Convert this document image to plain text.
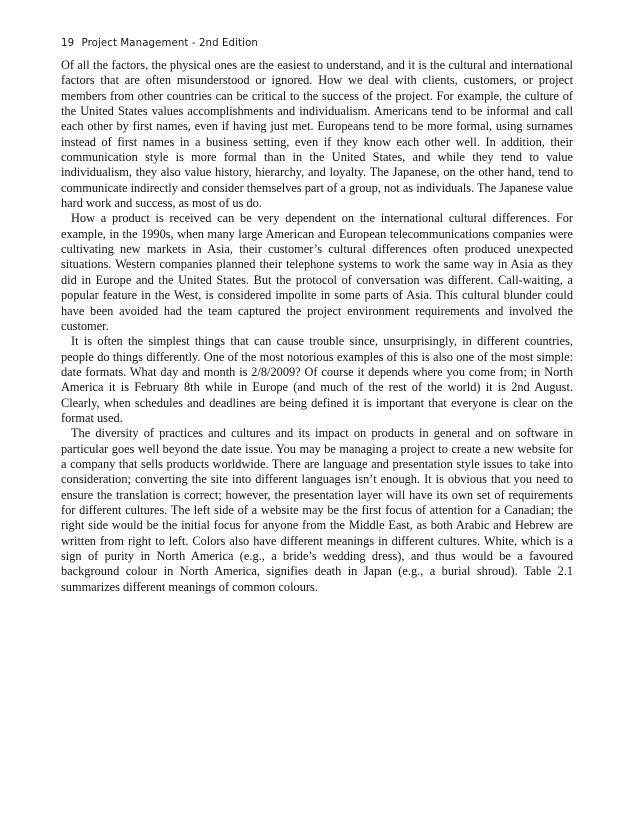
19 Project Management - 2nd Edition

Of all the factors, the physical ones are the easiest to understand, and it is the cultural and international factors that are often misunderstood or ignored. How we deal with clients, customers, or project members from other countries can be critical to the success of the project. For example, the culture of the United States values accomplishments and individualism. Americans tend to be informal and call each other by first names, even if having just met. Europeans tend to be more formal, using surnames instead of first names in a business setting, even if they know each other well. In addition, their communication style is more formal than in the United States, and while they tend to value individualism, they also value history, hierarchy, and loyalty. The Japanese, on the other hand, tend to communicate indirectly and consider themselves part of a group, not as individuals. The Japanese value hard work and success, as most of us do.

How a product is received can be very dependent on the international cultural differences. For example, in the 1990s, when many large American and European telecommunications companies were cultivating new markets in Asia, their customer’s cultural differences often produced unexpected situations. Western companies planned their telephone systems to work the same way in Asia as they did in Europe and the United States. But the protocol of conversation was different. Call-waiting, a popular feature in the West, is considered impolite in some parts of Asia. This cultural blunder could have been avoided had the team captured the project environment requirements and involved the customer.

It is often the simplest things that can cause trouble since, unsurprisingly, in different countries, people do things differently. One of the most notorious examples of this is also one of the most simple: date formats. What day and month is 2/8/2009? Of course it depends where you come from; in North America it is February 8th while in Europe (and much of the rest of the world) it is 2nd August. Clearly, when schedules and deadlines are being defined it is important that everyone is clear on the format used.

The diversity of practices and cultures and its impact on products in general and on software in particular goes well beyond the date issue. You may be managing a project to create a new website for a company that sells products worldwide. There are language and presentation style issues to take into consideration; converting the site into different languages isn’t enough. It is obvious that you need to ensure the translation is correct; however, the presentation layer will have its own set of requirements for different cultures. The left side of a website may be the first focus of attention for a Canadian; the right side would be the initial focus for anyone from the Middle East, as both Arabic and Hebrew are written from right to left. Colors also have different meanings in different cultures. White, which is a sign of purity in North America (e.g., a bride’s wedding dress), and thus would be a favoured background colour in North America, signifies death in Japan (e.g., a burial shroud). Table 2.1 summarizes different meanings of common colours.
